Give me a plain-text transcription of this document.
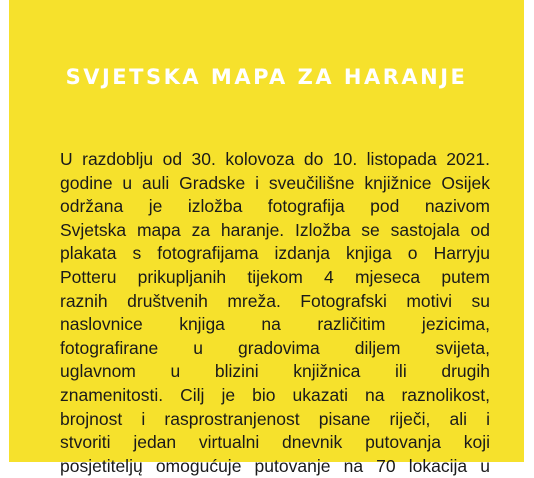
SVJETSKA MAPA ZA HARANJE
U razdoblju od 30. kolovoza do 10. listopada 2021.
godine u auli Gradske i sveučilišne knjižnice Osijek
održana je izložba fotografija pod nazivom
Svjetska mapa za haranje. Izložba se sastojala od
plakata s fotografijama izdanja knjiga o Harryju
Potteru prikupljanih tijekom 4 mjeseca putem
raznih društvenih mreža. Fotografski motivi su
naslovnice knjiga na različitim jezicima,
fotografirane u gradovima diljem svijeta,
uglavnom u blizini knjižnica ili drugih
znamenitosti. Cilj je bio ukazati na raznolikost,
brojnost i rasprostranjenost pisane riječi, ali i
stvoriti jedan virtualni dnevnik putovanja koji
posjetiteljų omogućuje putovanje na 70 lokacija u
